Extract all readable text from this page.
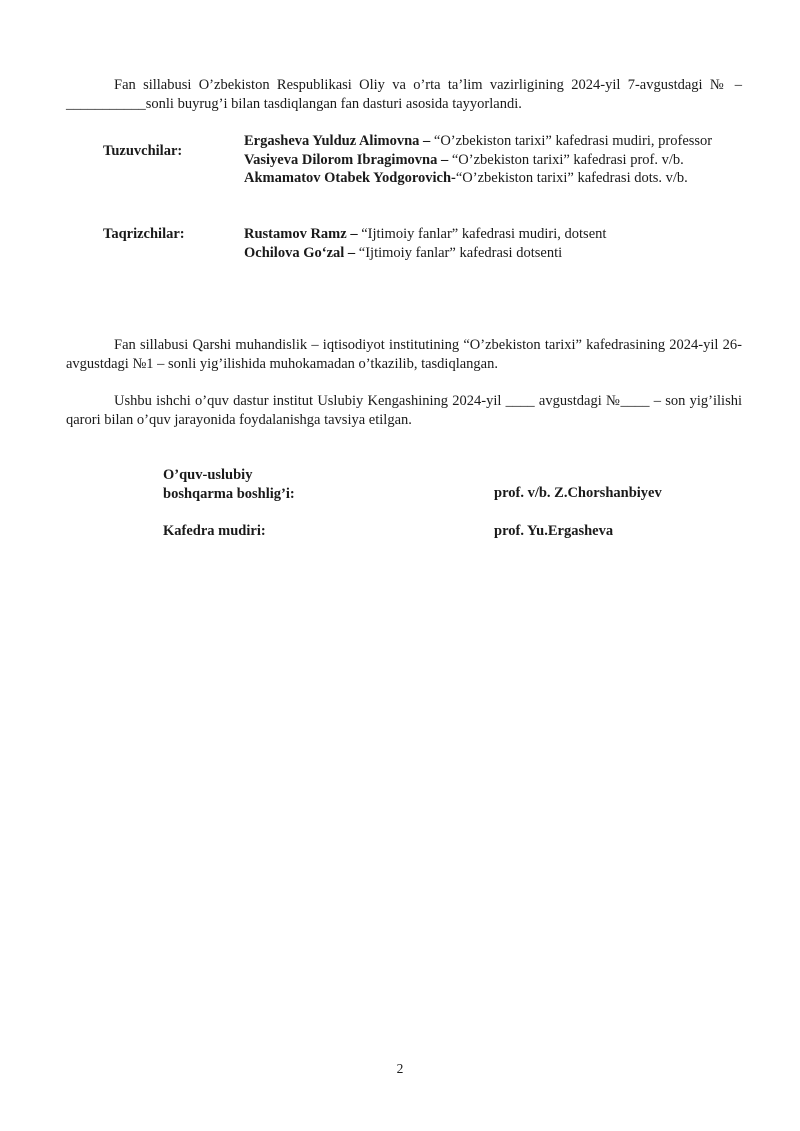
Fan sillabusi O’zbekiston Respublikasi Oliy va o’rta ta’lim vazirligining 2024-yil 7-avgustdagi № – ___________sonli buyrug’i bilan tasdiqlangan fan dasturi asosida tayyorlandi.
Tuzuvchilar:
Ergasheva Yulduz Alimovna – “O’zbekiston tarixi” kafedrasi mudiri, professor
Vasiyeva Dilorom Ibragimovna – “O’zbekiston tarixi” kafedrasi prof. v/b.
Akmamatov Otabek Yodgorovich-“O’zbekiston tarixi” kafedrasi dots. v/b.
Taqrizchilar:	Rustamov Ramz – “Ijtimoiy fanlar” kafedrasi mudiri, dotsent
Ochilova Go‘zal – “Ijtimoiy fanlar” kafedrasi dotsenti
Fan sillabusi Qarshi muhandislik – iqtisodiyot institutining “O’zbekiston tarixi” kafedrasining 2024-yil 26-avgustdagi №1 – sonli yig’ilishida muhokamadan o’tkazilib, tasdiqlangan.
Ushbu ishchi o’quv dastur institut Uslubiy Kengashining 2024-yil ____ avgustdagi №____ – son yig’ilishi qarori bilan o’quv jarayonida foydalanishga tavsiya etilgan.
O’quv-uslubiy
boshqarma boshlig’i:	prof. v/b. Z.Chorshanbiyev
Kafedra mudiri:	prof. Yu.Ergasheva
2
